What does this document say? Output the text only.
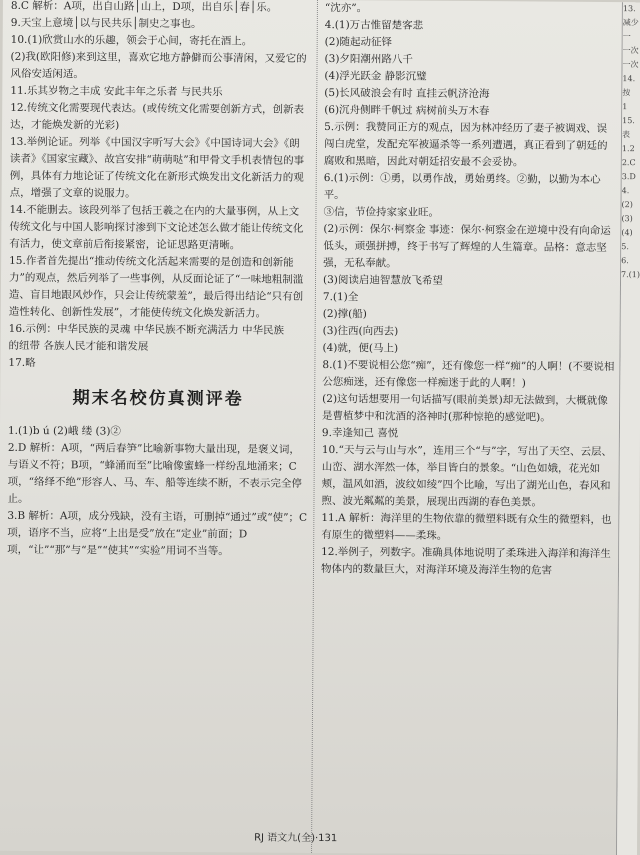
8.C 解析：A项，出自山路│山上，D项，出自乐│春│乐。
9.天宝上意境│以与民共乐│制史之事也。
10.(1)欣赏山水的乐趣，领会于心间，寄托在酒上。
(2)我(欧阳修)来到这里，喜欢它地方静僻而公事清闲，又爱它的风俗安适闲适。
11.乐其岁物之丰成 安此丰年之乐者 与民共乐
12.传统文化需要现代表达。(或传统文化需要创新方式，创新表达，才能焕发新的光彩)
13.举例论证。列举《中国汉字听写大会》《中国诗词大会》《朗读者》《国家宝藏》、故宫安排“萌萌哒”和甲骨文手机表情包的事例，具体有力地论证了传统文化在新形式焕发出文化新活力的观点，增强了文章的说服力。
14.不能删去。该段列举了包括王羲之在内的大量事例，从上文传统文化与中国人影响探讨渗到下文论述怎么做才能让传统文化有活力，使文章前后衔接紧密，论证思路更清晰。
15.作者首先提出“推动传统文化活起来需要的是创造和创新能力”的观点，然后列举了一些事例，从反面论证了“一味地粗制滥造、盲目地跟风炒作，只会让传统蒙羞”，最后得出结论“只有创造性转化、创新性发展”，才能使传统文化焕发新活力。
16.示例：中华民族的灵魂 中华民族不断充满活力 中华民族
的纽带 各族人民才能和谐发展
17.略
期末名校仿真测评卷
1.(1)b ú (2)峨 缕 (3)②
2.D 解析：A项，“两后春笋”比喻新事物大量出现，是褒义词，与语义不符；B项，“蜂涌而至”比喻像蜜蜂一样纷乱地涌来；C项，“络绎不绝”形容人、马、车、船等连续不断，不表示完全停止。
3.B 解析：A项，成分残缺，没有主语，可删掉“通过”或“使”；C项，语序不当，应将“上出是受”放在“定业”前面；D项，“让”“那”与“是”“使其”“实验”用词不当等。
“沈亦”。
4.(1)万古惟留楚客悲
(2)随起动征铎
(3)夕阳潮州路八千
(4)浮光跃金 静影沉璧
(5)长风破浪会有时 直挂云帆济沧海
(6)沉舟侧畔千帆过 病树前头万木春
5.示例：我赞同正方的观点，因为林冲经历了妻子被调戏、误闯白虎堂，发配充军被逼杀等一系列遭遇，真正看到了朝廷的腐败和黑暗，因此对朝廷招安最不会妥协。
6.(1)示例：①勇，以勇作战，勇始勇终。②勤，以勤为本心平。
③信，节俭持家家业旺。
(2)示例：保尔·柯察金 事迹：保尔·柯察金在逆境中没有向命运低头，顽强拼搏，终于书写了辉煌的人生篇章。品格：意志坚强，无私奉献。
(3)阅读启迪智慧放飞希望
7.(1)全
(2)撑(船)
(3)往西(向西去)
(4)就，便(马上)
8.(1)不要说相公您“痴”，还有像您一样“痴”的人啊！(不要说相公您痴迷，还有像您一样痴迷于此的人啊！)
(2)这句话想要用一句话描写(眼前美景)却无法做到，大概就像是曹植梦中和沈酒的洛神时(那种惊艳的感觉吧)。
9.幸逢知己 喜悦
10.“天与云与山与水”，连用三个“与”字，写出了天空、云层、山峦、湖水浑然一体，举目皆白的景象。“山色如娥，花光如颊，温风如酒，波纹如绫”四个比喻，写出了湖光山色，春风和煦、波光粼粼的美景，展现出西湖的春色美景。
11.A 解析：海洋里的生物依靠的微塑料既有众生的微塑料，也有原生的微塑料——柔珠。
12.举例子，列数字。准确具体地说明了柔珠进入海洋和海洋生物体内的数量巨大，对海洋环境及海洋生物的危害
13.
减少
一
一次
一次
14.
按
1
15.
表
1.2
2.C
3.D
4.
(2)
(3)
(4)
5.
6.
7.(1)
RJ 语文九(全)·131
